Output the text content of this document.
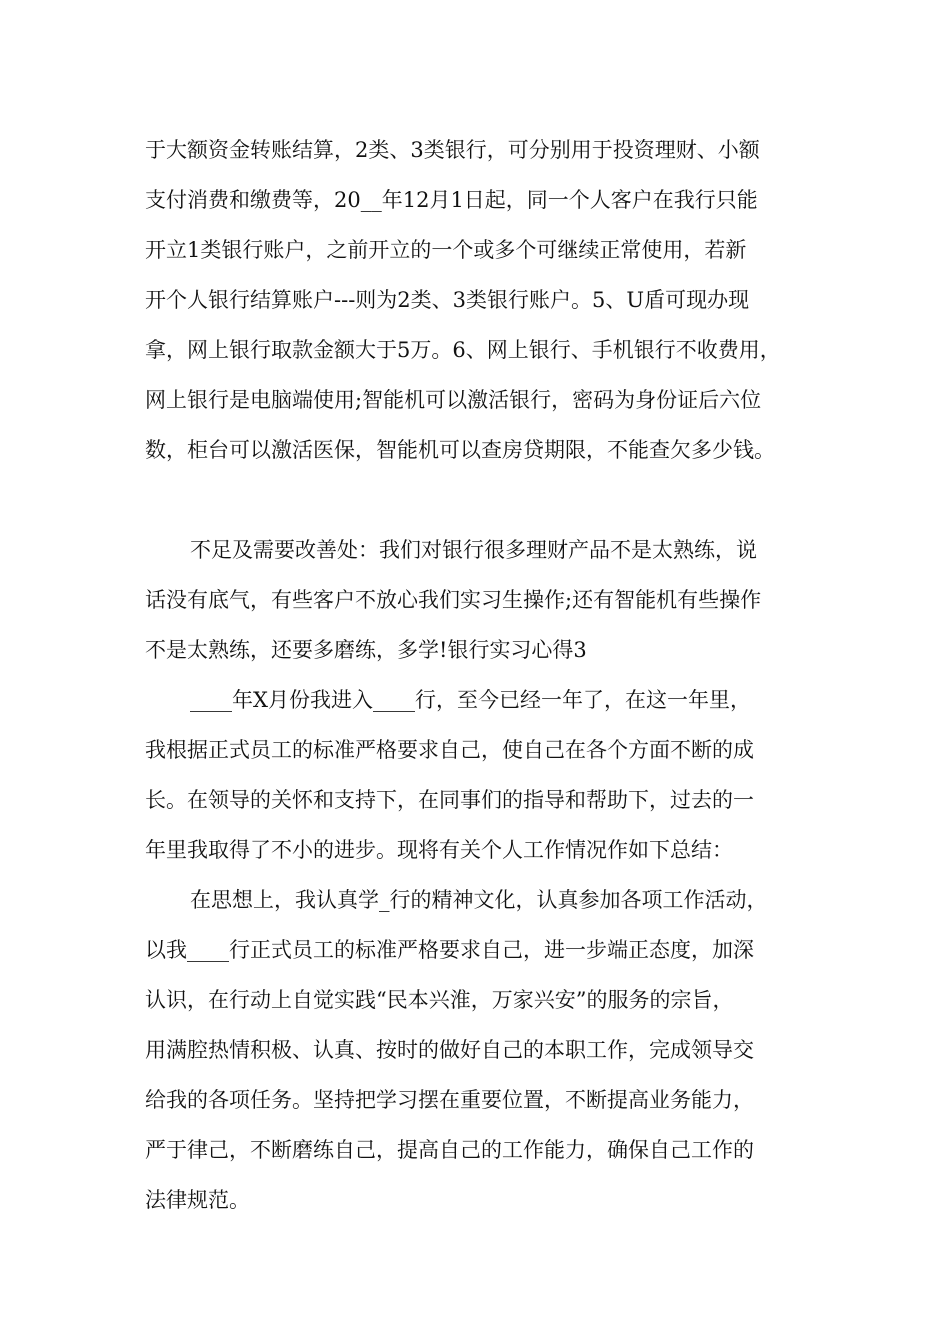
于大额资金转账结算，2类、3类银行，可分别用于投资理财、小额
支付消费和缴费等，20__年12月1日起，同一个人客户在我行只能
开立1类银行账户，之前开立的一个或多个可继续正常使用，若新
开个人银行结算账户---则为2类、3类银行账户。5、U盾可现办现
拿，网上银行取款金额大于5万。6、网上银行、手机银行不收费用，
网上银行是电脑端使用;智能机可以激活银行，密码为身份证后六位
数，柜台可以激活医保，智能机可以查房贷期限，不能查欠多少钱。
不足及需要改善处：我们对银行很多理财产品不是太熟练，说
话没有底气，有些客户不放心我们实习生操作;还有智能机有些操作
不是太熟练，还要多磨练，多学!银行实习心得3
____年X月份我进入____行，至今已经一年了，在这一年里，
我根据正式员工的标准严格要求自己，使自己在各个方面不断的成
长。在领导的关怀和支持下，在同事们的指导和帮助下，过去的一
年里我取得了不小的进步。现将有关个人工作情况作如下总结：
在思想上，我认真学_行的精神文化，认真参加各项工作活动，
以我____行正式员工的标准严格要求自己，进一步端正态度，加深
认识，在行动上自觉实践“民本兴淮，万家兴安”的服务的宗旨，
用满腔热情积极、认真、按时的做好自己的本职工作，完成领导交
给我的各项任务。坚持把学习摆在重要位置，不断提高业务能力，
严于律己，不断磨练自己，提高自己的工作能力，确保自己工作的
法律规范。
